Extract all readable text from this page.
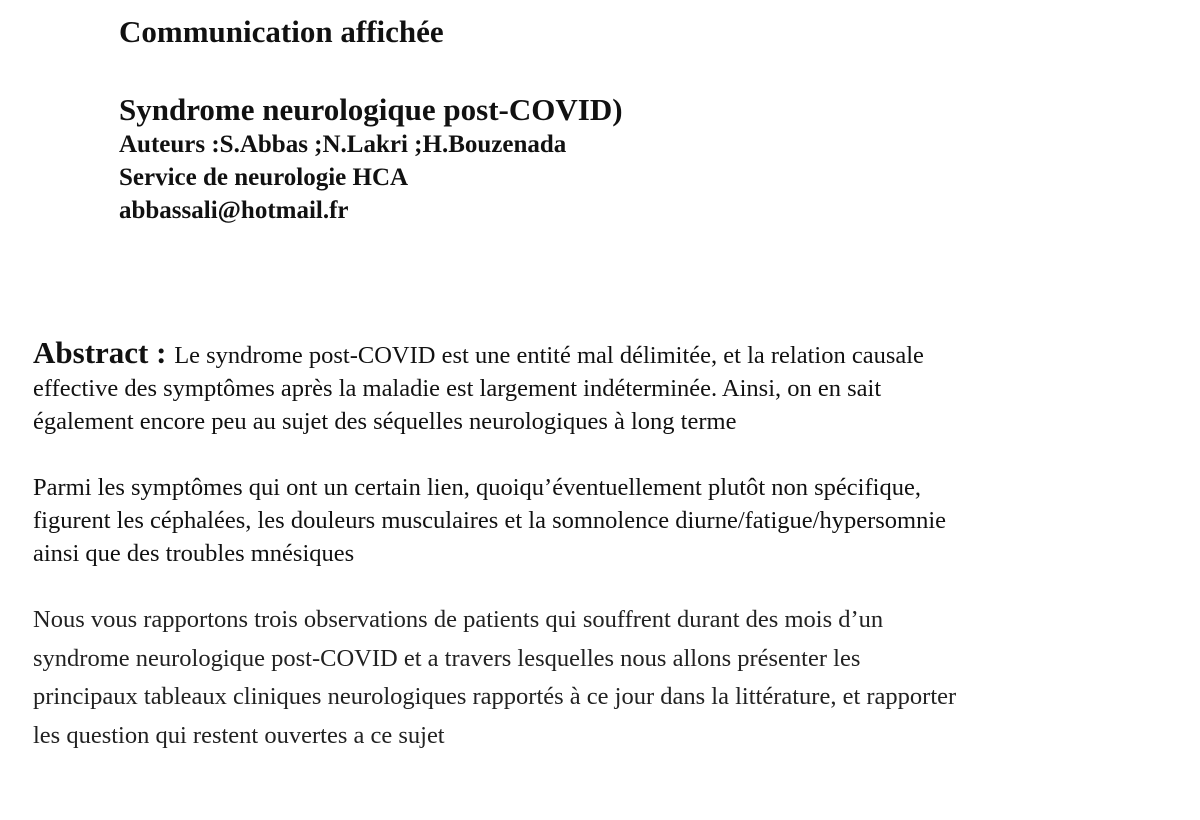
Communication affichée

Syndrome neurologique post-COVID)

Auteurs :S.Abbas ;N.Lakri ;H.Bouzenada

Service de neurologie HCA

abbassali@hotmail.fr

Abstract : Le syndrome post-COVID est une entité mal délimitée, et la relation causale
effective des symptômes après la maladie est largement indéterminée. Ainsi, on en sait
également encore peu au sujet des séquelles neurologiques à long terme

Parmi les symptômes qui ont un certain lien, quoiqu’éventuellement plutôt non spécifique,
figurent les céphalées, les douleurs musculaires et la somnolence diurne/fatigue/hypersomnie
ainsi que des troubles mnésiques

Nous vous rapportons trois observations de patients qui souffrent durant des mois d’un
syndrome neurologique post-COVID et a travers lesquelles nous allons présenter les
principaux tableaux cliniques neurologiques rapportés à ce jour dans la littérature, et rapporter
les question qui restent ouvertes a ce sujet
